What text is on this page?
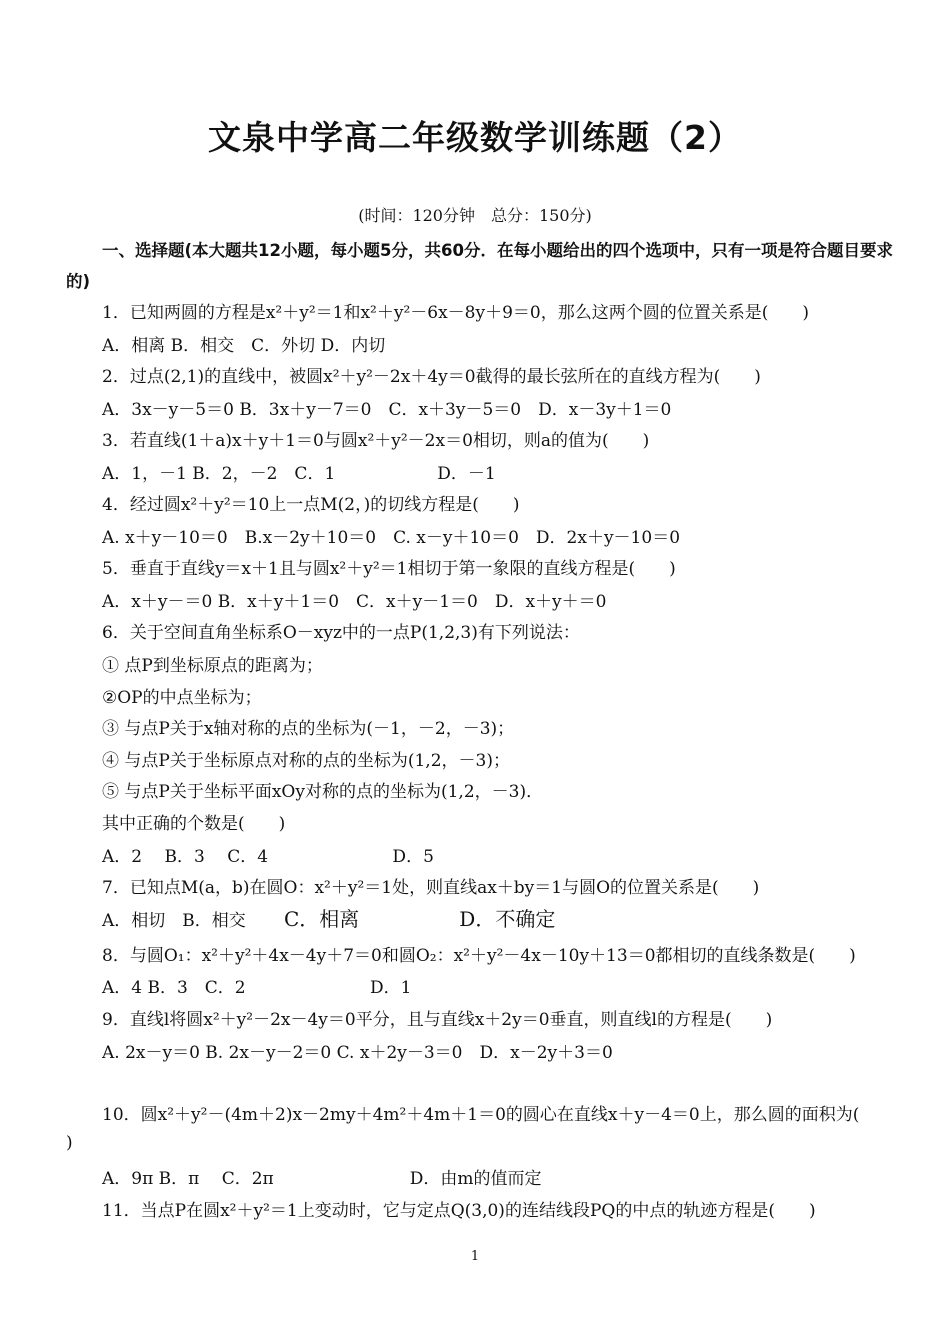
文泉中学高二年级数学训练题（2）
(时间：120分钟　总分：150分)
一、选择题(本大题共12小题，每小题5分，共60分．在每小题给出的四个选项中，只有一项是符合题目要求的)
1．已知两圆的方程是x²＋y²＝1和x²＋y²－6x－8y＋9＝0，那么这两个圆的位置关系是(　　)
A．相离 B．相交　C．外切 D．内切
2．过点(2,1)的直线中，被圆x²＋y²－2x＋4y＝0截得的最长弦所在的直线方程为(　　)
A．3x－y－5＝0 B．3x＋y－7＝0　C．x＋3y－5＝0　D．x－3y＋1＝0
3．若直线(1＋a)x＋y＋1＝0与圆x²＋y²－2x＝0相切，则a的值为(　　)
A．1，－1 B．2，－2　C．1　　　　　　D．－1
4．经过圆x²＋y²＝10上一点M(2，)的切线方程是(　　)
A. x＋y－10＝0　B.x－2y＋10＝0　C. x－y＋10＝0　D．2x＋y－10＝0
5．垂直于直线y＝x＋1且与圆x²＋y²＝1相切于第一象限的直线方程是(　　)
A．x＋y－＝0 B．x＋y＋1＝0　C．x＋y－1＝0　D．x＋y＋＝0
6．关于空间直角坐标系O－xyz中的一点P(1,2,3)有下列说法：
① 点P到坐标原点的距离为；
②OP的中点坐标为；
③ 与点P关于x轴对称的点的坐标为(－1，－2，－3)；
④ 与点P关于坐标原点对称的点的坐标为(1,2，－3)；
⑤ 与点P关于坐标平面xOy对称的点的坐标为(1,2，－3)．
其中正确的个数是(　　)
A．2　 B．3　 C．4　　　　　　　 D．5
7．已知点M(a，b)在圆O：x²＋y²＝1处，则直线ax＋by＝1与圆O的位置关系是(　　)
A．相切　B．相交 C．相离　　　　　D．不确定
8．与圆O₁：x²＋y²＋4x－4y＋7＝0和圆O₂：x²＋y²－4x－10y＋13＝0都相切的直线条数是(　　)
A．4 B．3　C．2　　　　　　　 D．1
9．直线l将圆x²＋y²－2x－4y＝0平分，且与直线x＋2y＝0垂直，则直线l的方程是(　　)
A. 2x－y＝0 B. 2x－y－2＝0 C. x＋2y－3＝0　D．x－2y＋3＝0
10．圆x²＋y²－(4m＋2)x－2my＋4m²＋4m＋1＝0的圆心在直线x＋y－4＝0上，那么圆的面积为(
)
A．9π B．π　 C．2π　　　　　　　　D．由m的值而定
11．当点P在圆x²＋y²＝1上变动时，它与定点Q(3,0)的连结线段PQ的中点的轨迹方程是(　　)
1
